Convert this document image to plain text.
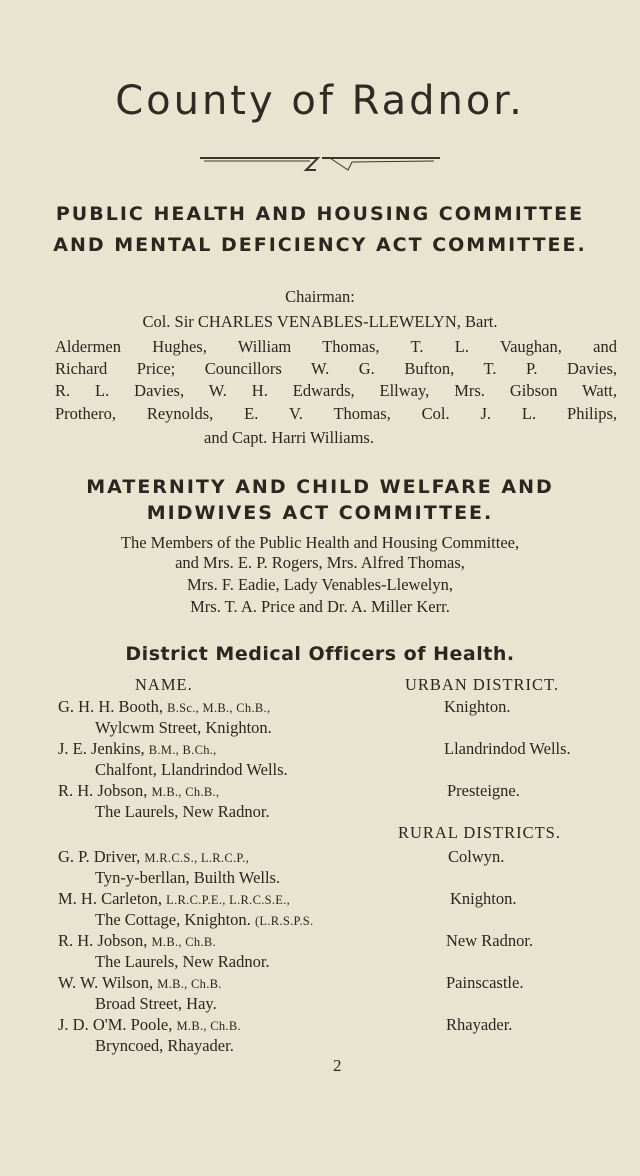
County of Radnor.
PUBLIC HEALTH AND HOUSING COMMITTEE
AND MENTAL DEFICIENCY ACT COMMITTEE.
Chairman:
Col. Sir CHARLES VENABLES-LLEWELYN, Bart.
Aldermen Hughes, William Thomas, T. L. Vaughan, and
Richard Price; Councillors W. G. Bufton, T. P. Davies,
R. L. Davies, W. H. Edwards, Ellway, Mrs. Gibson Watt,
Prothero, Reynolds, E. V. Thomas, Col. J. L. Philips,
and Capt. Harri Williams.
MATERNITY AND CHILD WELFARE AND
MIDWIVES ACT COMMITTEE.
The Members of the Public Health and Housing Committee,
and Mrs. E. P. Rogers, Mrs. Alfred Thomas,
Mrs. F. Eadie, Lady Venables-Llewelyn,
Mrs. T. A. Price and Dr. A. Miller Kerr.
District Medical Officers of Health.
NAME.	URBAN DISTRICT.
G. H. H. Booth, B.Sc., M.B., Ch.B.,
Wylcwm Street, Knighton.
Knighton.
J. E. Jenkins, B.M., B.Ch.,
Chalfont, Llandrindod Wells.
Llandrindod Wells.
R. H. Jobson, M.B., Ch.B.,
The Laurels, New Radnor.
Presteigne.
RURAL DISTRICTS.
G. P. Driver, M.R.C.S., L.R.C.P.,
Tyn-y-berllan, Builth Wells.
Colwyn.
M. H. Carleton, L.R.C.P.E., L.R.C.S.E.,
The Cottage, Knighton. (L.R.S.P.S.
Knighton.
R. H. Jobson, M.B., Ch.B.
The Laurels, New Radnor.
New Radnor.
W. W. Wilson, M.B., Ch.B.
Broad Street, Hay.
Painscastle.
J. D. O'M. Poole, M.B., Ch.B.
Bryncoed, Rhayader.
Rhayader.
2
